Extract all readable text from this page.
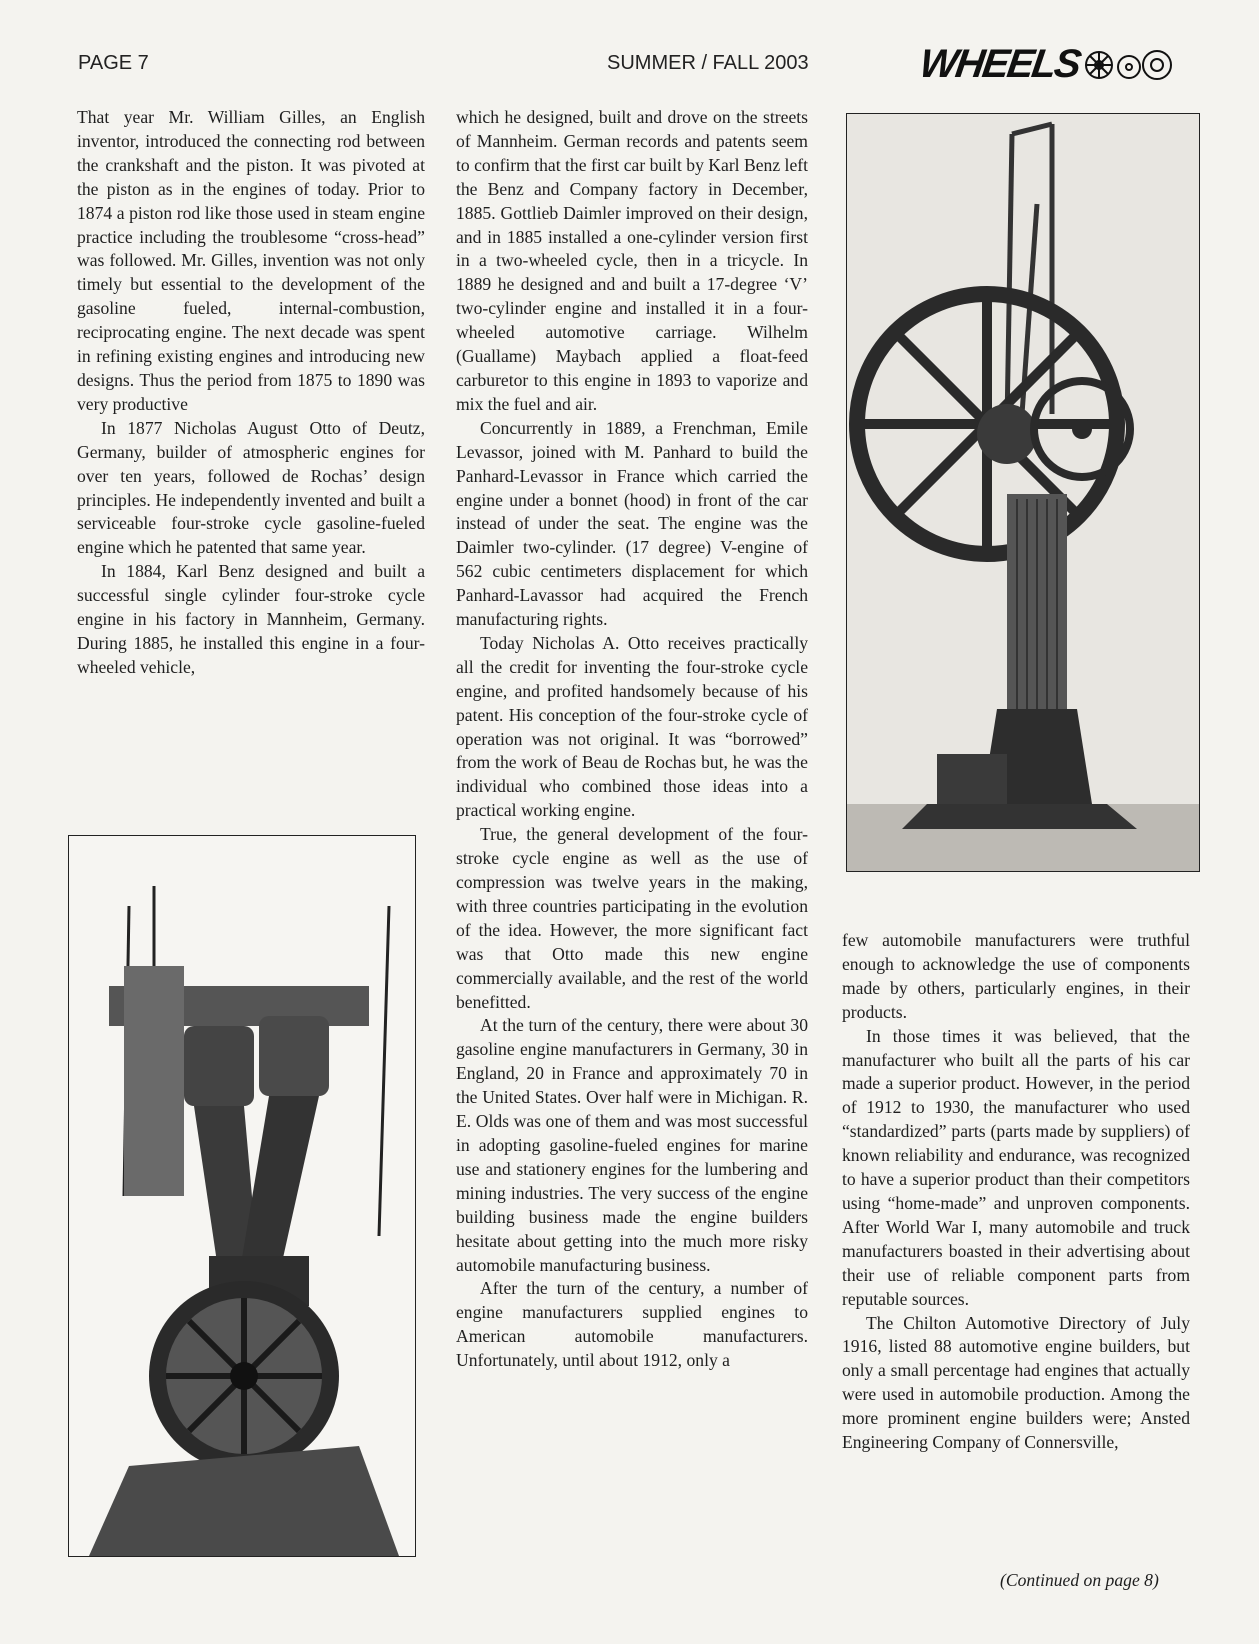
PAGE 7	SUMMER / FALL 2003	WHEELS

That year Mr. William Gilles, an English inventor, introduced the connecting rod between the crankshaft and the piston. It was pivoted at the piston as in the engines of today. Prior to 1874 a piston rod like those used in steam engine practice including the troublesome “cross-head” was followed. Mr. Gilles, invention was not only timely but essential to the development of the gasoline fueled, internal-combustion, reciprocating engine. The next decade was spent in refining existing engines and introducing new designs. Thus the period from 1875 to 1890 was very productive

In 1877 Nicholas August Otto of Deutz, Germany, builder of atmospheric engines for over ten years, followed de Rochas’ design principles. He independently invented and built a serviceable four-stroke cycle gasoline-fueled engine which he patented that same year.

In 1884, Karl Benz designed and built a successful single cylinder four-stroke cycle engine in his factory in Mannheim, Germany. During 1885, he installed this engine in a four-wheeled vehicle,

which he designed, built and drove on the streets of Mannheim. German records and patents seem to confirm that the first car built by Karl Benz left the Benz and Company factory in December, 1885. Gottlieb Daimler improved on their design, and in 1885 installed a one-cylinder version first in a two-wheeled cycle, then in a tricycle. In 1889 he designed and and built a 17-degree ‘V’ two-cylinder engine and installed it in a four-wheeled automotive carriage. Wilhelm (Guallame) Maybach applied a float-feed carburetor to this engine in 1893 to vaporize and mix the fuel and air.

Concurrently in 1889, a Frenchman, Emile Levassor, joined with M. Panhard to build the Panhard-Levassor in France which carried the engine under a bonnet (hood) in front of the car instead of under the seat. The engine was the Daimler two-cylinder. (17 degree) V-engine of 562 cubic centimeters displacement for which Panhard-Lavassor had acquired the French manufacturing rights.

Today Nicholas A. Otto receives practically all the credit for inventing the four-stroke cycle engine, and profited handsomely because of his patent. His conception of the four-stroke cycle of operation was not original. It was “borrowed” from the work of Beau de Rochas but, he was the individual who combined those ideas into a practical working engine.

True, the general development of the four-stroke cycle engine as well as the use of compression was twelve years in the making, with three countries participating in the evolution of the idea. However, the more significant fact was that Otto made this new engine commercially available, and the rest of the world benefitted.

At the turn of the century, there were about 30 gasoline engine manufacturers in Germany, 30 in England, 20 in France and approximately 70 in the United States. Over half were in Michigan. R. E. Olds was one of them and was most successful in adopting gasoline-fueled engines for marine use and stationery engines for the lumbering and mining industries. The very success of the engine building business made the engine builders hesitate about getting into the much more risky automobile manufacturing business.

After the turn of the century, a number of engine manufacturers supplied engines to American automobile manufacturers. Unfortunately, until about 1912, only a

few automobile manufacturers were truthful enough to acknowledge the use of components made by others, particularly engines, in their products.

In those times it was believed, that the manufacturer who built all the parts of his car made a superior product. However, in the period of 1912 to 1930, the manufacturer who used “standardized” parts (parts made by suppliers) of known reliability and endurance, was recognized to have a superior product than their competitors using “home-made” and unproven components. After World War I, many automobile and truck manufacturers boasted in their advertising about their use of reliable component parts from reputable sources.

The Chilton Automotive Directory of July 1916, listed 88 automotive engine builders, but only a small percentage had engines that actually were used in automobile production. Among the more prominent engine builders were; Ansted Engineering Company of Connersville,

(Continued on page 8)
